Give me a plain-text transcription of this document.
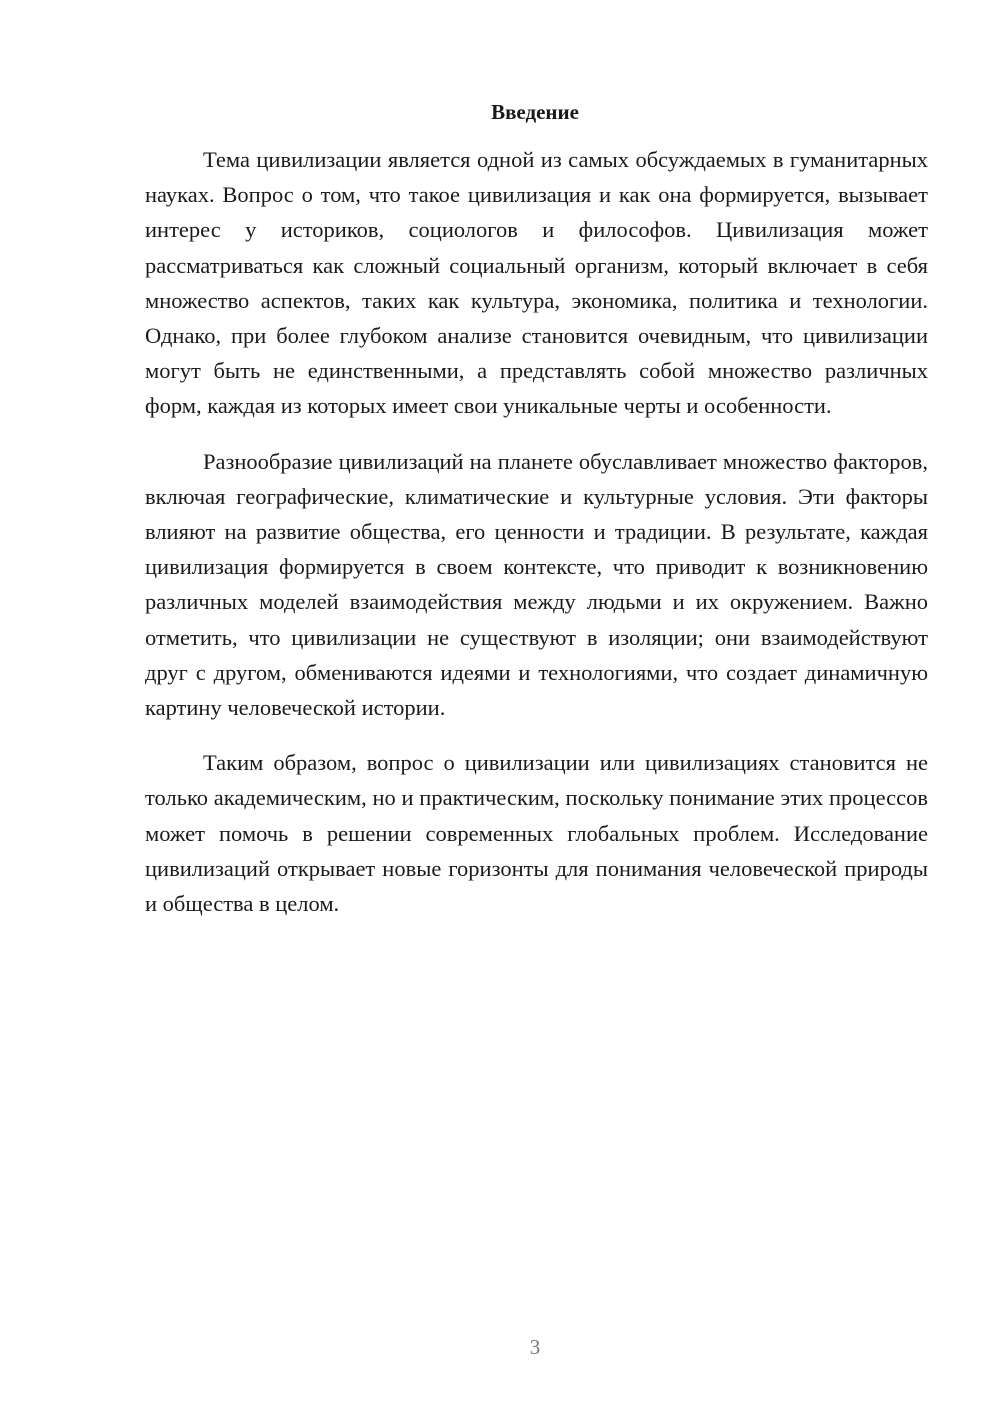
Введение

Тема цивилизации является одной из самых обсуждаемых в гуманитарных науках. Вопрос о том, что такое цивилизация и как она формируется, вызывает интерес у историков, социологов и философов. Цивилизация может рассматриваться как сложный социальный организм, который включает в себя множество аспектов, таких как культура, экономика, политика и технологии. Однако, при более глубоком анализе становится очевидным, что цивилизации могут быть не единственными, а представлять собой множество различных форм, каждая из которых имеет свои уникальные черты и особенности.

Разнообразие цивилизаций на планете обуславливает множество факторов, включая географические, климатические и культурные условия. Эти факторы влияют на развитие общества, его ценности и традиции. В результате, каждая цивилизация формируется в своем контексте, что приводит к возникновению различных моделей взаимодействия между людьми и их окружением. Важно отметить, что цивилизации не существуют в изоляции; они взаимодействуют друг с другом, обмениваются идеями и технологиями, что создает динамичную картину человеческой истории.

Таким образом, вопрос о цивилизации или цивилизациях становится не только академическим, но и практическим, поскольку понимание этих процессов может помочь в решении современных глобальных проблем. Исследование цивилизаций открывает новые горизонты для понимания человеческой природы и общества в целом.

3
